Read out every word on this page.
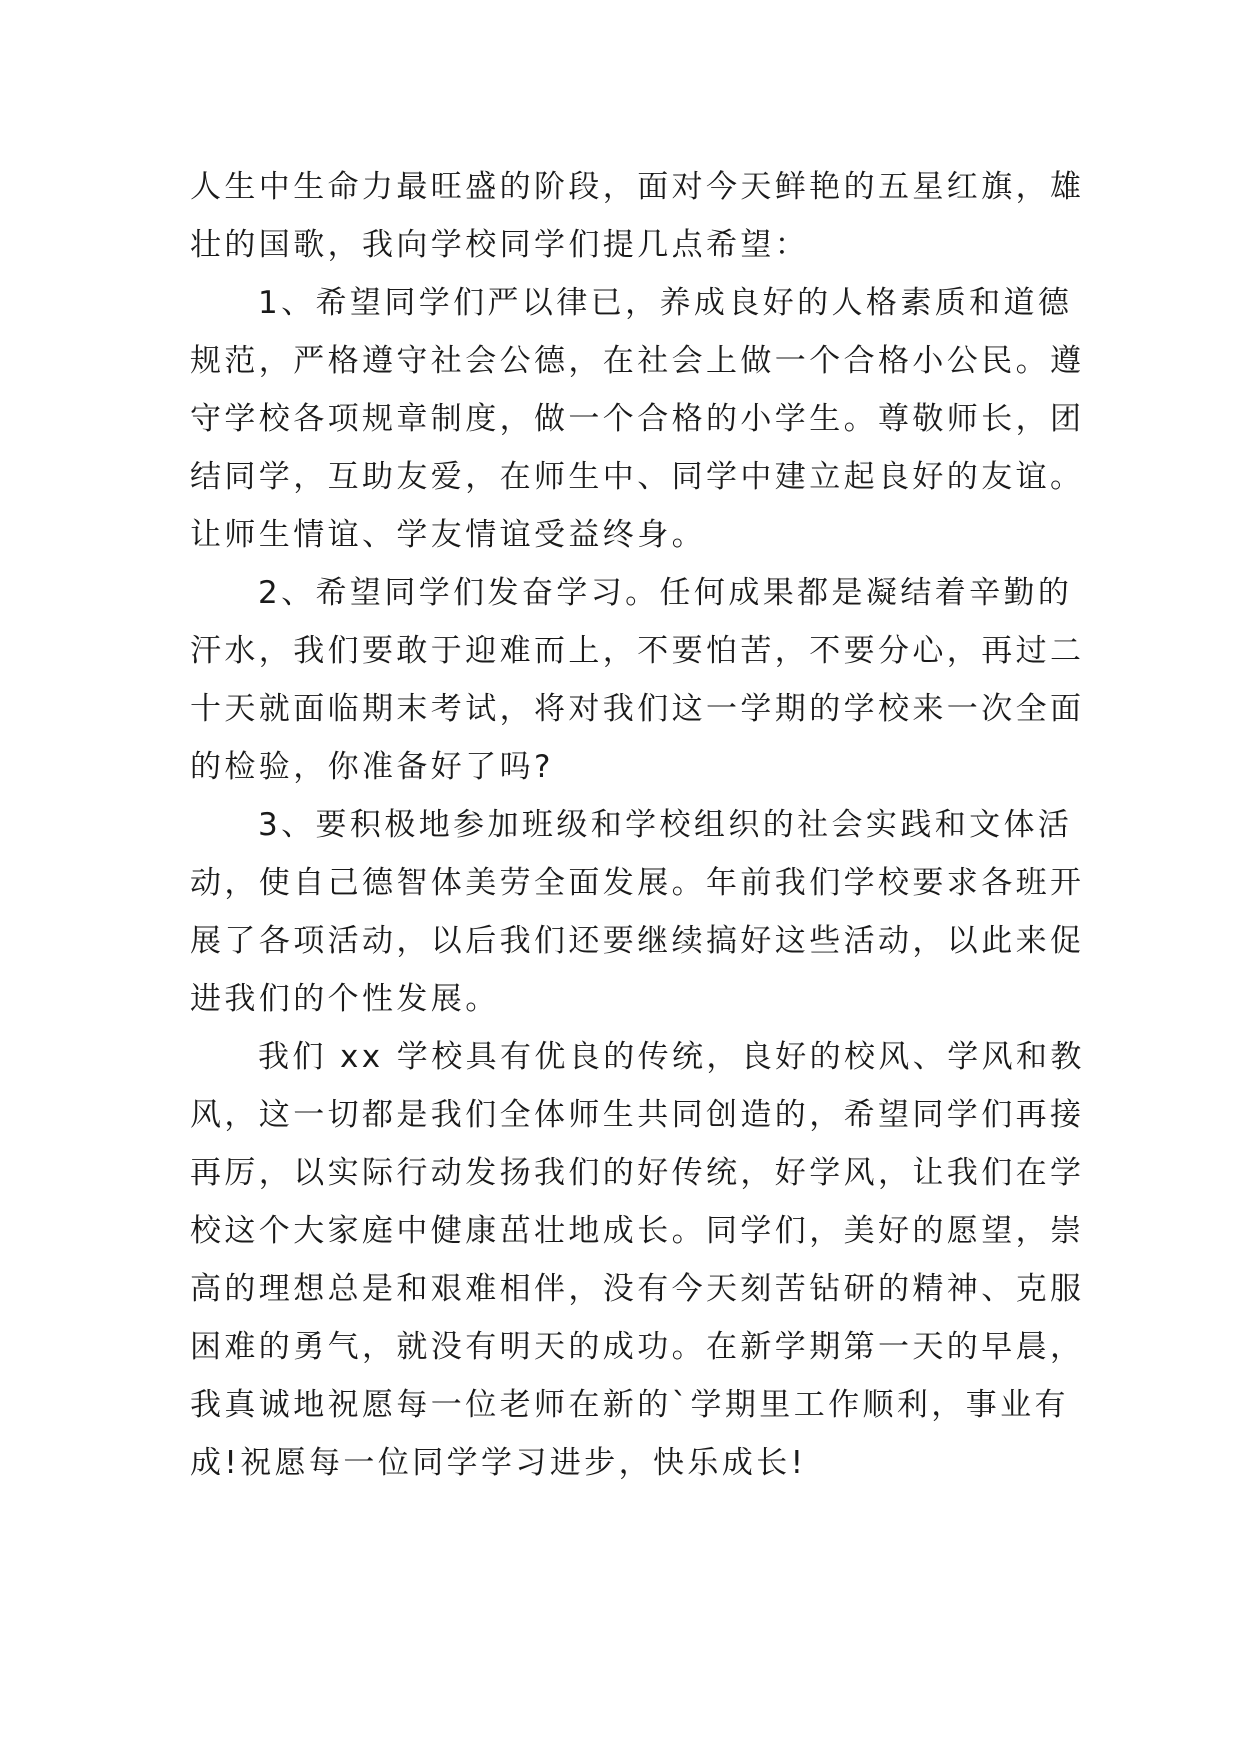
人生中生命力最旺盛的阶段，面对今天鲜艳的五星红旗，雄
壮的国歌，我向学校同学们提几点希望：

1、希望同学们严以律已，养成良好的人格素质和道德
规范，严格遵守社会公德，在社会上做一个合格小公民。遵
守学校各项规章制度，做一个合格的小学生。尊敬师长，团
结同学，互助友爱，在师生中、同学中建立起良好的友谊。
让师生情谊、学友情谊受益终身。

2、希望同学们发奋学习。任何成果都是凝结着辛勤的
汗水，我们要敢于迎难而上，不要怕苦，不要分心，再过二
十天就面临期末考试，将对我们这一学期的学校来一次全面
的检验，你准备好了吗?

3、要积极地参加班级和学校组织的社会实践和文体活
动，使自己德智体美劳全面发展。年前我们学校要求各班开
展了各项活动，以后我们还要继续搞好这些活动，以此来促
进我们的个性发展。

我们 xx 学校具有优良的传统，良好的校风、学风和教
风，这一切都是我们全体师生共同创造的，希望同学们再接
再厉，以实际行动发扬我们的好传统，好学风，让我们在学
校这个大家庭中健康茁壮地成长。同学们，美好的愿望，崇
高的理想总是和艰难相伴，没有今天刻苦钻研的精神、克服
困难的勇气，就没有明天的成功。在新学期第一天的早晨，
我真诚地祝愿每一位老师在新的`学期里工作顺利，事业有
成!祝愿每一位同学学习进步，快乐成长!
